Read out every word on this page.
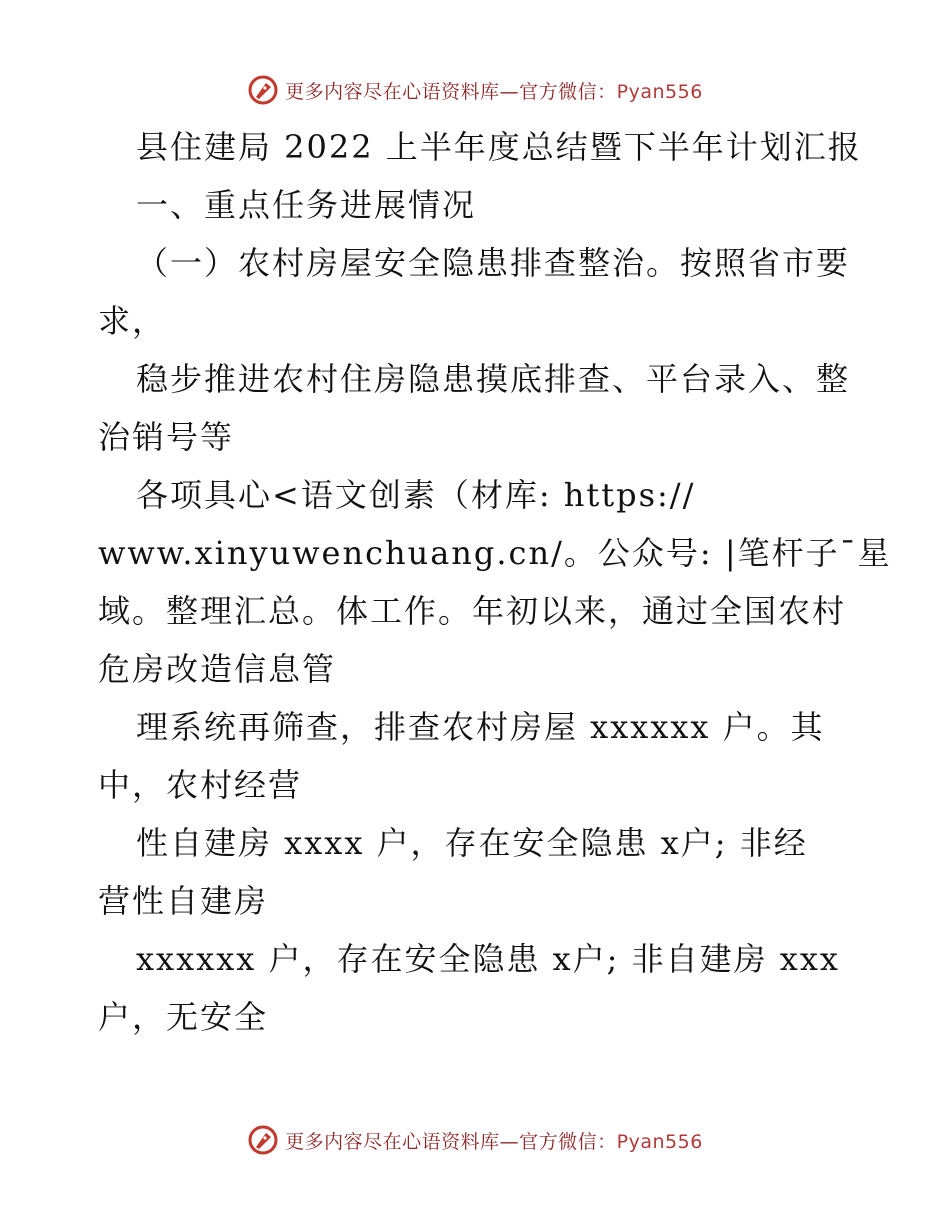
更多内容尽在心语资料库—官方微信：Pyan556
县住建局 2022 上半年度总结暨下半年计划汇报
一、重点任务进展情况
（一）农村房屋安全隐患排查整治。按照省市要
求，
稳步推进农村住房隐患摸底排查、平台录入、整
治销号等
各项具心<语文创素（材库: https://
www.xinyuwenchuang.cn/。公众号: |笔杆子¯星
域。整理汇总。体工作。年初以来，通过全国农村
危房改造信息管
理系统再筛查，排查农村房屋 xxxxxx 户。其
中，农村经营
性自建房 xxxx 户，存在安全隐患 x户; 非经
营性自建房
xxxxxx 户，存在安全隐患 x户; 非自建房 xxx
户，无安全
更多内容尽在心语资料库—官方微信：Pyan556
